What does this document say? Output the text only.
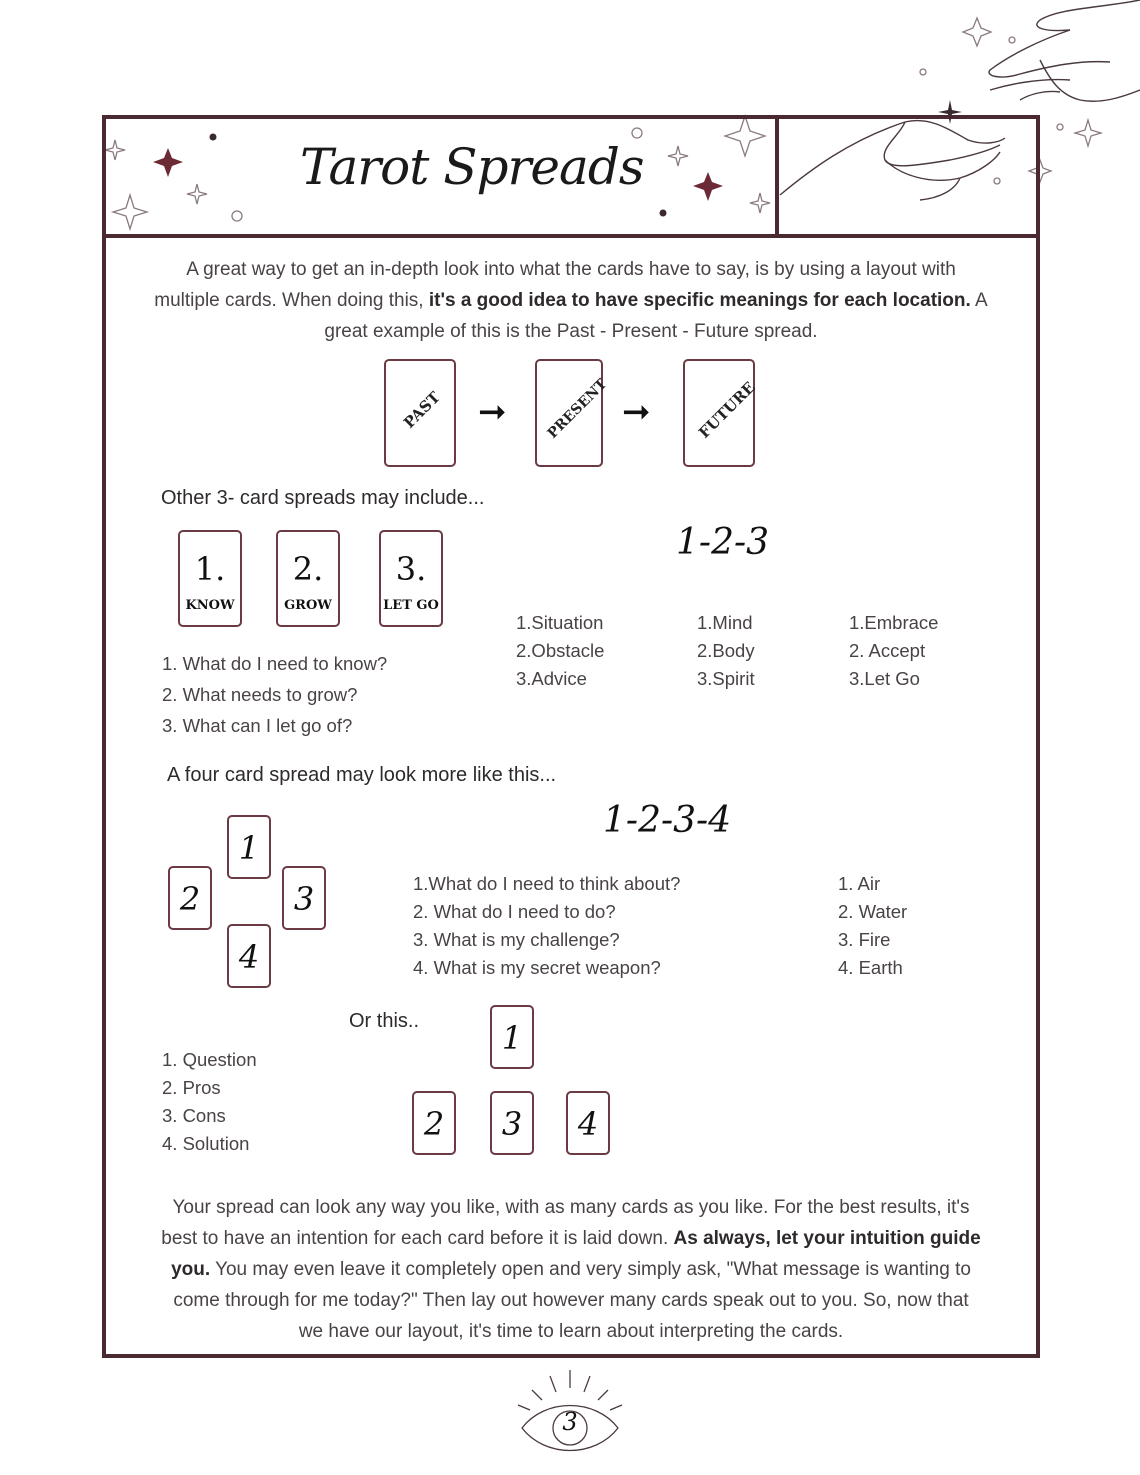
Tarot Spreads
A great way to get an in-depth look into what the cards have to say, is by using a layout with
multiple cards. When doing this, it's a good idea to have specific meanings for each location. A
great example of this is the Past - Present - Future spread.
PAST ➞	PRESENT ➞	FUTURE
Other 3- card spreads may include...
1.
KNOW
2.
GROW
3.
LET GO
1. What do I need to know?
2. What needs to grow?
3. What can I let go of?
1-2-3
1.Situation
2.Obstacle
3.Advice
1.Mind
2.Body
3.Spirit
1.Embrace
2. Accept
3.Let Go
A four card spread may look more like this...
1-2-3-4
1
2	3
4
1.What do I need to think about?
2. What do I need to do?
3. What is my challenge?
4. What is my secret weapon?
1. Air
2. Water
3. Fire
4. Earth
Or this..	1
2	3	4
1. Question
2. Pros
3. Cons
4. Solution
Your spread can look any way you like, with as many cards as you like. For the best results, it's
best to have an intention for each card before it is laid down. As always, let your intuition guide
you. You may even leave it completely open and very simply ask, "What message is wanting to
come through for me today?" Then lay out however many cards speak out to you. So, now that
we have our layout, it's time to learn about interpreting the cards.
3
